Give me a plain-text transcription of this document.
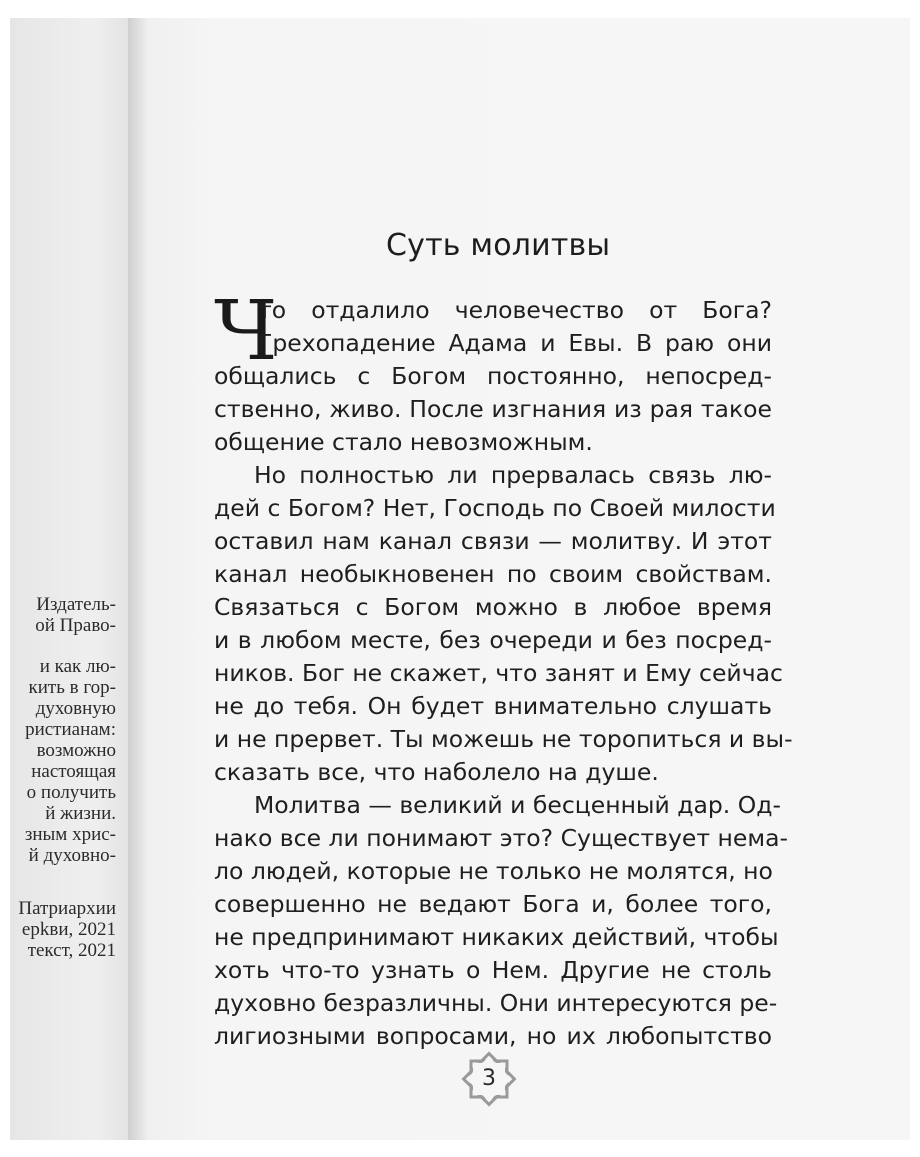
Издатель-
ой Право-
и как лю-
кить в гор-
духовную
ристианам:
возможно
настоящая
о получить
й жизни.
зным хрис-
й духовно-
Патриархии
ерkви, 2021
текст, 2021
Суть молитвы
Ч
то отдалило человечество от Бога?
Грехопадение Адама и Евы. В раю они
общались с Богом постоянно, непосред-
ственно, живо. После изгнания из рая такое
общение стало невозможным.
Но полностью ли прервалась связь лю-
дей с Богом? Нет, Господь по Своей милости
оставил нам канал связи — молитву. И этот
канал необыкновенен по своим свойствам.
Связаться с Богом можно в любое время
и в любом месте, без очереди и без посред-
ников. Бог не скажет, что занят и Ему сейчас
не до тебя. Он будет внимательно слушать
и не прервет. Ты можешь не торопиться и вы-
сказать все, что наболело на душе.
Молитва — великий и бесценный дар. Од-
нако все ли понимают это? Существует нема-
ло людей, которые не только не молятся, но
совершенно не ведают Бога и, более того,
не предпринимают никаких действий, чтобы
хоть что-то узнать о Нем. Другие не столь
духовно безразличны. Они интересуются ре-
лигиозными вопросами, но их любопытство
3
